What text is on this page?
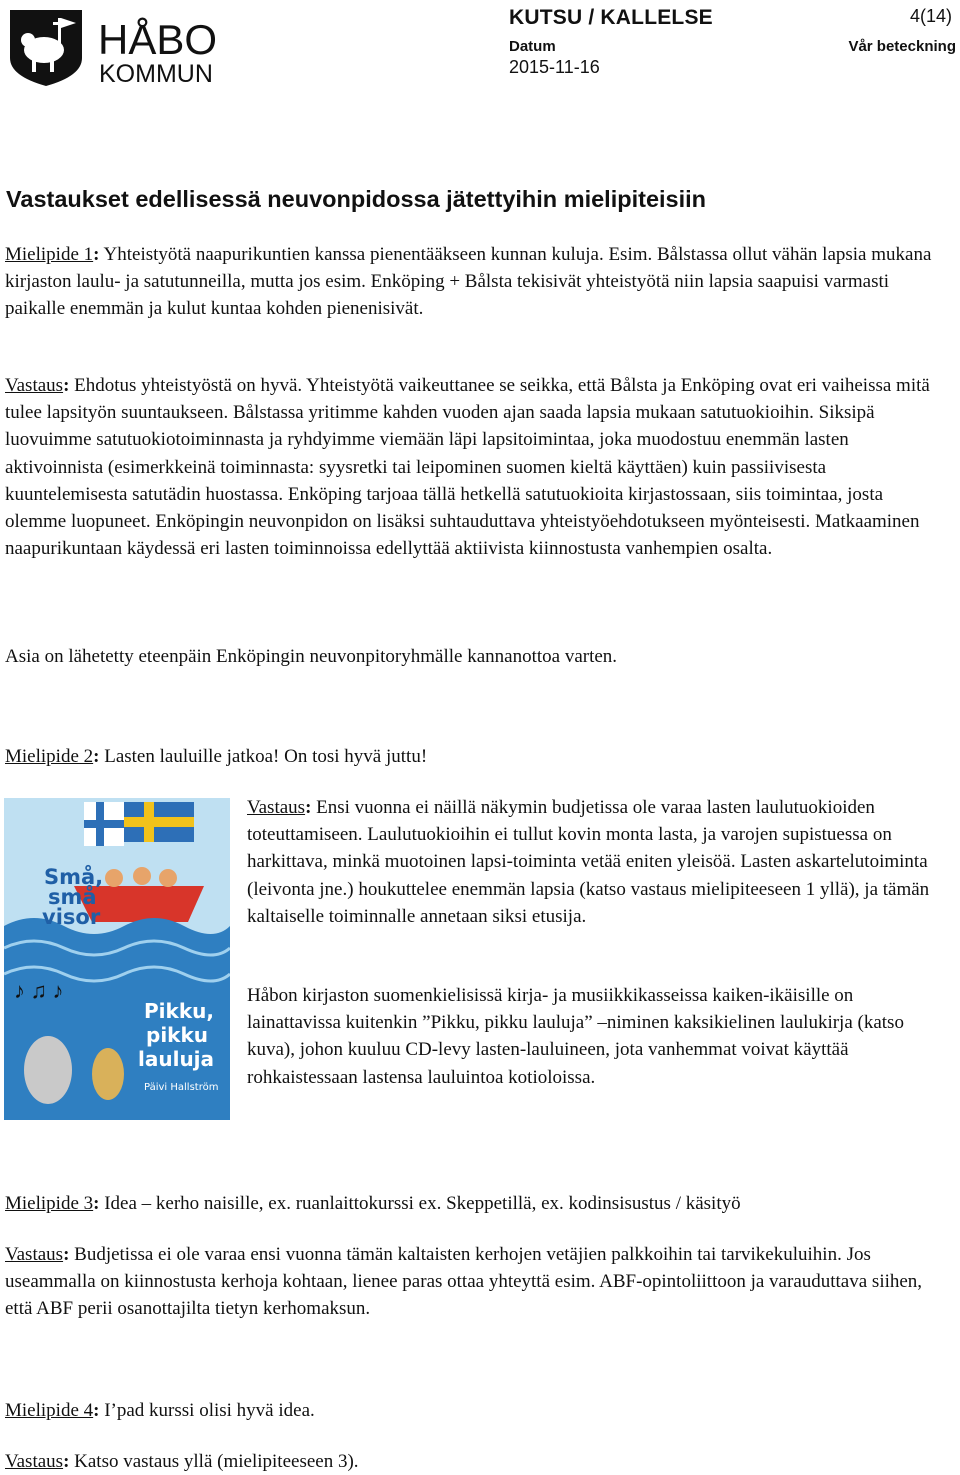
HÅBO
KOMMUN
KUTSU / KALLELSE	4(14)
Datum	Vår beteckning
2015-11-16
Vastaukset edellisessä neuvonpidossa jätettyihin mielipiteisiin

Mielipide 1: Yhteistyötä naapurikuntien kanssa pienentääkseen kunnan kuluja. Esim. Bålstassa ollut vähän lapsia mukana kirjaston laulu- ja satutunneilla, mutta jos esim. Enköping + Bålsta tekisivät yhteistyötä niin lapsia saapuisi varmasti paikalle enemmän ja kulut kuntaa kohden pienenisivät.

Vastaus: Ehdotus yhteistyöstä on hyvä. Yhteistyötä vaikeuttanee se seikka, että Bålsta ja Enköping ovat eri vaiheissa mitä tulee lapsityön suuntaukseen. Bålstassa yritimme kahden vuoden ajan saada lapsia mukaan satutuokioihin. Siksipä luovuimme satutuokiotoiminnasta ja ryhdyimme viemään läpi lapsitoimintaa, joka muodostuu enemmän lasten aktivoinnista (esimerkkeinä toiminnasta: syysretki tai leipominen suomen kieltä käyttäen) kuin passiivisesta kuuntelemisesta satutädin huostassa. Enköping tarjoaa tällä hetkellä satutuokioita kirjastossaan, siis toimintaa, josta olemme luopuneet. Enköpingin neuvonpidon on lisäksi suhtauduttava yhteistyöehdotukseen myönteisesti. Matkaaminen naapurikuntaan käydessä eri lasten toiminnoissa edellyttää aktiivista kiinnostusta vanhempien osalta.

Asia on lähetetty eteenpäin Enköpingin neuvonpitoryhmälle kannanottoa varten.

Mielipide 2: Lasten lauluille jatkoa! On tosi hyvä juttu!

♪ ♫ ♪
Små,
små
visor
Pikku,
pikku
lauluja
Päivi Hallström

Vastaus: Ensi vuonna ei näillä näkymin budjetissa ole varaa lasten laulutuokioiden toteuttamiseen. Laulutuokioihin ei tullut kovin monta lasta, ja varojen supistuessa on harkittava, minkä muotoinen lapsi-toiminta vetää eniten yleisöä. Lasten askartelutoiminta (leivonta jne.) houkuttelee enemmän lapsia (katso vastaus mielipiteeseen 1 yllä), ja tämän kaltaiselle toiminnalle annetaan siksi etusija.

Håbon kirjaston suomenkielisissä kirja- ja musiikkikasseissa kaiken-ikäisille on lainattavissa kuitenkin ”Pikku, pikku lauluja” –niminen kaksikielinen laulukirja (katso kuva), johon kuuluu CD-levy lasten-lauluineen, jota vanhemmat voivat käyttää rohkaistessaan lastensa lauluintoa kotioloissa.

Mielipide 3: Idea – kerho naisille, ex. ruanlaittokurssi ex. Skeppetillä, ex. kodinsisustus / käsityö

Vastaus: Budjetissa ei ole varaa ensi vuonna tämän kaltaisten kerhojen vetäjien palkkoihin tai tarvikekuluihin. Jos useammalla on kiinnostusta kerhoja kohtaan, lienee paras ottaa yhteyttä esim. ABF-opintoliittoon ja varauduttava siihen, että ABF perii osanottajilta tietyn kerhomaksun.

Mielipide 4: I’pad kurssi olisi hyvä idea.

Vastaus: Katso vastaus yllä (mielipiteeseen 3).
